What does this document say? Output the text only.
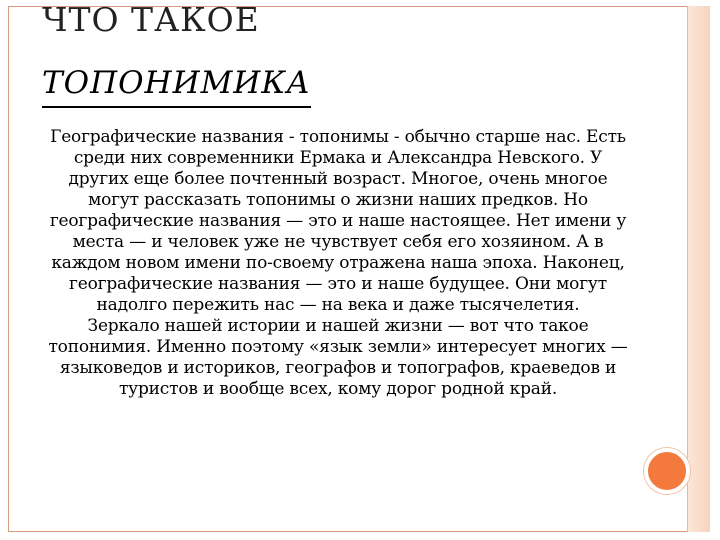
ЧТО ТАКОЕ
ТОПОНИМИКА

Географические названия - топонимы - обычно старше нас. Есть среди них современники Ермака и Александра Невского. У других еще более почтенный возраст. Многое, очень многое могут рассказать топонимы о жизни наших предков. Но географические названия — это и наше настоящее. Нет имени у места — и человек уже не чувствует себя его хозяином. А в каждом новом имени по-своему отражена наша эпоха. Наконец, географические названия — это и наше будущее. Они могут надолго пережить нас — на века и даже тысячелетия.

Зеркало нашей истории и нашей жизни — вот что такое топонимия. Именно поэтому «язык земли» интересует многих — языковедов и историков, географов и топографов, краеведов и туристов и вообще всех, кому дорог родной край.
